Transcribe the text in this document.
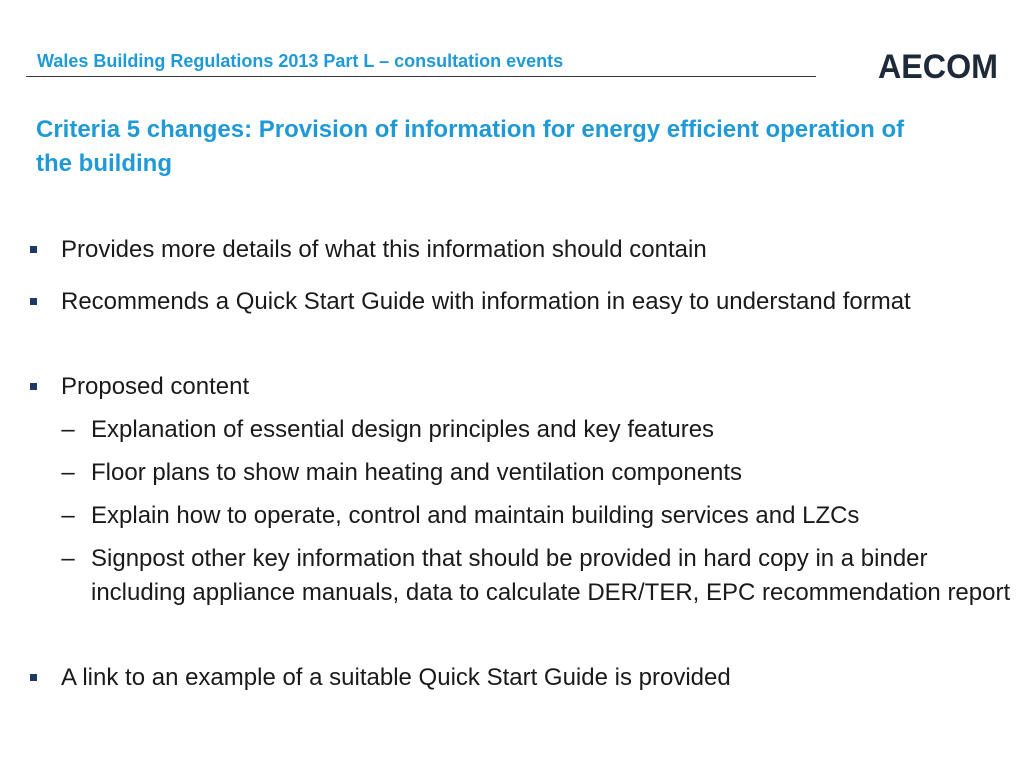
Wales Building Regulations 2013 Part L – consultation events	AECOM
Criteria 5 changes: Provision of information for energy efficient operation of the building
Provides more details of what this information should contain
Recommends a Quick Start Guide with information in easy to understand format
Proposed content
– Explanation of essential design principles and key features
– Floor plans to show main heating and ventilation components
– Explain how to operate, control and maintain building services and LZCs
– Signpost other key information that should be provided in hard copy in a binder including appliance manuals, data to calculate DER/TER, EPC recommendation report
A link to an example of a suitable Quick Start Guide is provided
